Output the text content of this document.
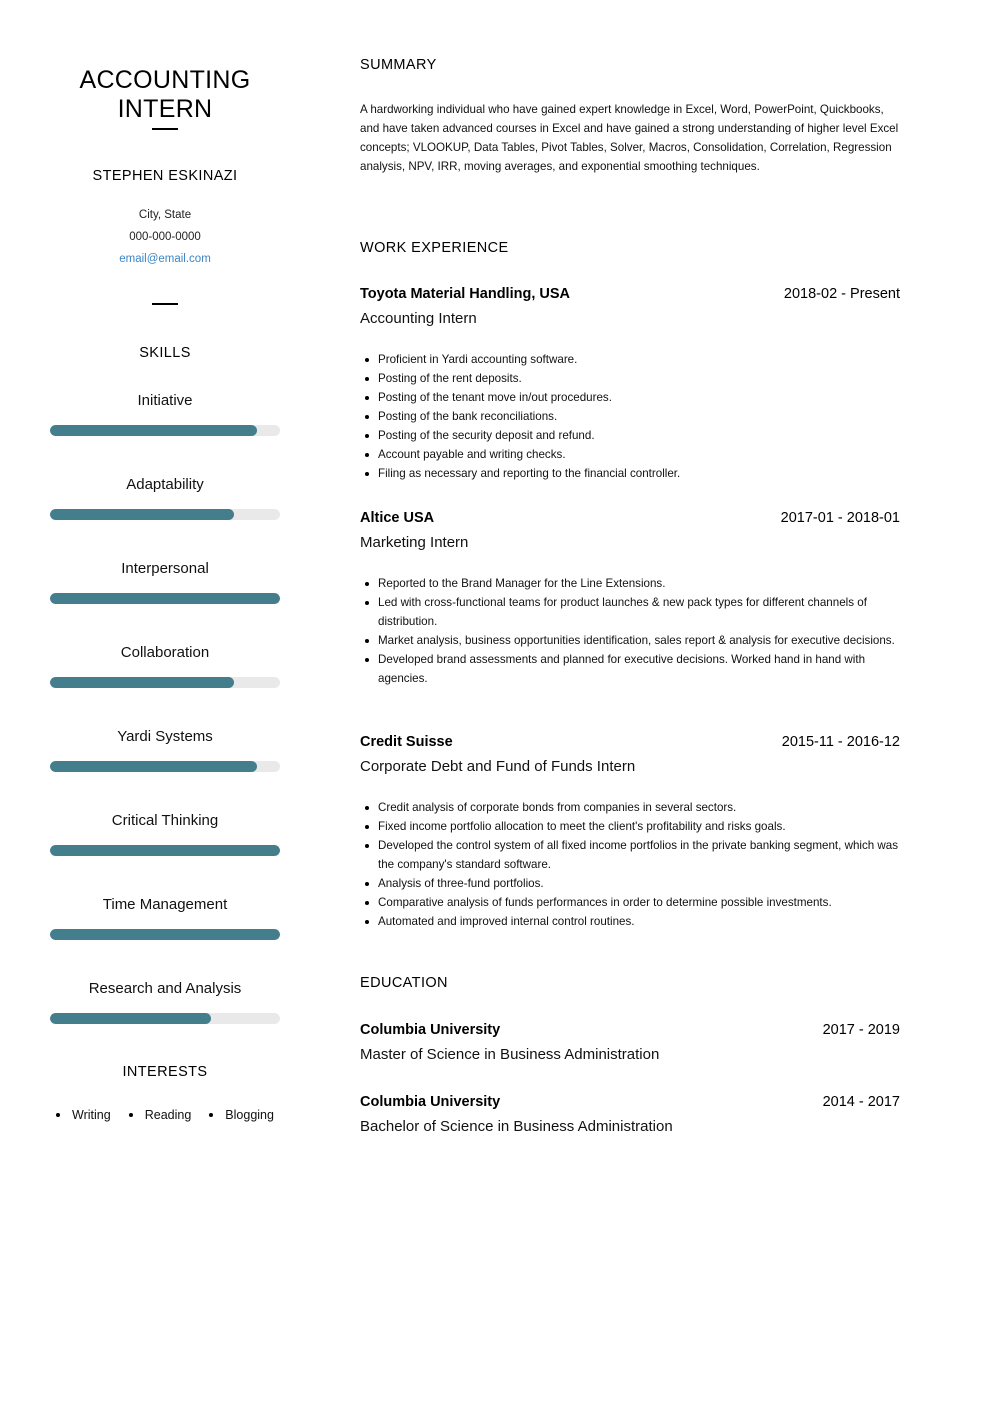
ACCOUNTING INTERN
STEPHEN ESKINAZI
City, State
000-000-0000
email@email.com
SKILLS
Initiative
Adaptability
Interpersonal
Collaboration
Yardi Systems
Critical Thinking
Time Management
Research and Analysis
INTERESTS
Writing	Reading	Blogging
SUMMARY
A hardworking individual who have gained expert knowledge in Excel, Word, PowerPoint, Quickbooks, and have taken advanced courses in Excel and have gained a strong understanding of higher level Excel concepts; VLOOKUP, Data Tables, Pivot Tables, Solver, Macros, Consolidation, Correlation, Regression analysis, NPV, IRR, moving averages, and exponential smoothing techniques.
WORK EXPERIENCE
Toyota Material Handling, USA	2018-02 - Present
Accounting Intern
Proficient in Yardi accounting software.
Posting of the rent deposits.
Posting of the tenant move in/out procedures.
Posting of the bank reconciliations.
Posting of the security deposit and refund.
Account payable and writing checks.
Filing as necessary and reporting to the financial controller.
Altice USA	2017-01 - 2018-01
Marketing Intern
Reported to the Brand Manager for the Line Extensions.
Led with cross-functional teams for product launches & new pack types for different channels of distribution.
Market analysis, business opportunities identification, sales report & analysis for executive decisions.
Developed brand assessments and planned for executive decisions. Worked hand in hand with agencies.
Credit Suisse	2015-11 - 2016-12
Corporate Debt and Fund of Funds Intern
Credit analysis of corporate bonds from companies in several sectors.
Fixed income portfolio allocation to meet the client's profitability and risks goals.
Developed the control system of all fixed income portfolios in the private banking segment, which was the company's standard software.
Analysis of three-fund portfolios.
Comparative analysis of funds performances in order to determine possible investments.
Automated and improved internal control routines.
EDUCATION
Columbia University	2017 - 2019
Master of Science in Business Administration
Columbia University	2014 - 2017
Bachelor of Science in Business Administration
